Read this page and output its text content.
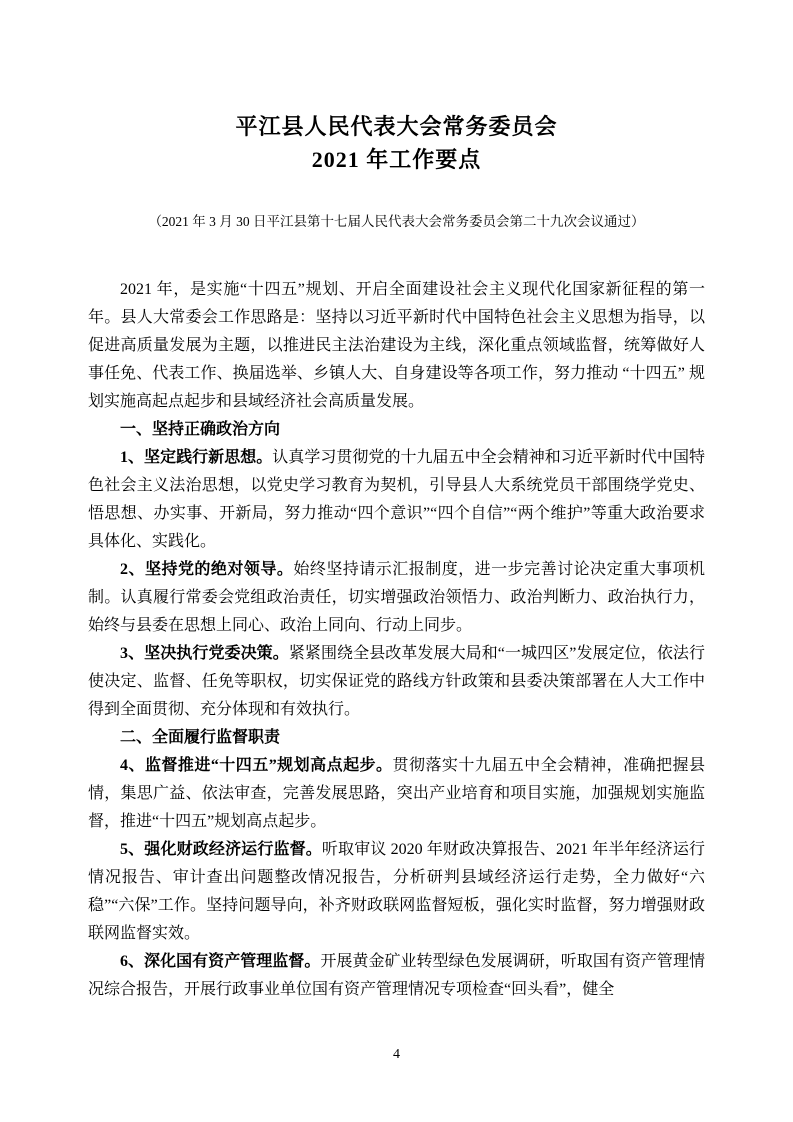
平江县人民代表大会常务委员会
2021 年工作要点

（2021 年 3 月 30 日平江县第十七届人民代表大会常务委员会第二十九次会议通过）

2021 年，是实施“十四五”规划、开启全面建设社会主义现代化国家新征程的第一年。县人大常委会工作思路是：坚持以习近平新时代中国特色社会主义思想为指导，以促进高质量发展为主题，以推进民主法治建设为主线，深化重点领域监督，统筹做好人事任免、代表工作、换届选举、乡镇人大、自身建设等各项工作，努力推动 “十四五” 规划实施高起点起步和县域经济社会高质量发展。

一、坚持正确政治方向

1、坚定践行新思想。认真学习贯彻党的十九届五中全会精神和习近平新时代中国特色社会主义法治思想，以党史学习教育为契机，引导县人大系统党员干部围绕学党史、悟思想、办实事、开新局，努力推动“四个意识”“四个自信”“两个维护”等重大政治要求具体化、实践化。

2、坚持党的绝对领导。始终坚持请示汇报制度，进一步完善讨论决定重大事项机制。认真履行常委会党组政治责任，切实增强政治领悟力、政治判断力、政治执行力，始终与县委在思想上同心、政治上同向、行动上同步。

3、坚决执行党委决策。紧紧围绕全县改革发展大局和“一城四区”发展定位，依法行使决定、监督、任免等职权，切实保证党的路线方针政策和县委决策部署在人大工作中得到全面贯彻、充分体现和有效执行。

二、全面履行监督职责

4、监督推进“十四五”规划高点起步。贯彻落实十九届五中全会精神，准确把握县情，集思广益、依法审查，完善发展思路，突出产业培育和项目实施，加强规划实施监督，推进“十四五”规划高点起步。

5、强化财政经济运行监督。听取审议 2020 年财政决算报告、2021 年半年经济运行情况报告、审计查出问题整改情况报告，分析研判县域经济运行走势，全力做好“六稳”“六保”工作。坚持问题导向，补齐财政联网监督短板，强化实时监督，努力增强财政联网监督实效。

6、深化国有资产管理监督。开展黄金矿业转型绿色发展调研，听取国有资产管理情况综合报告，开展行政事业单位国有资产管理情况专项检查“回头看”，健全

4
